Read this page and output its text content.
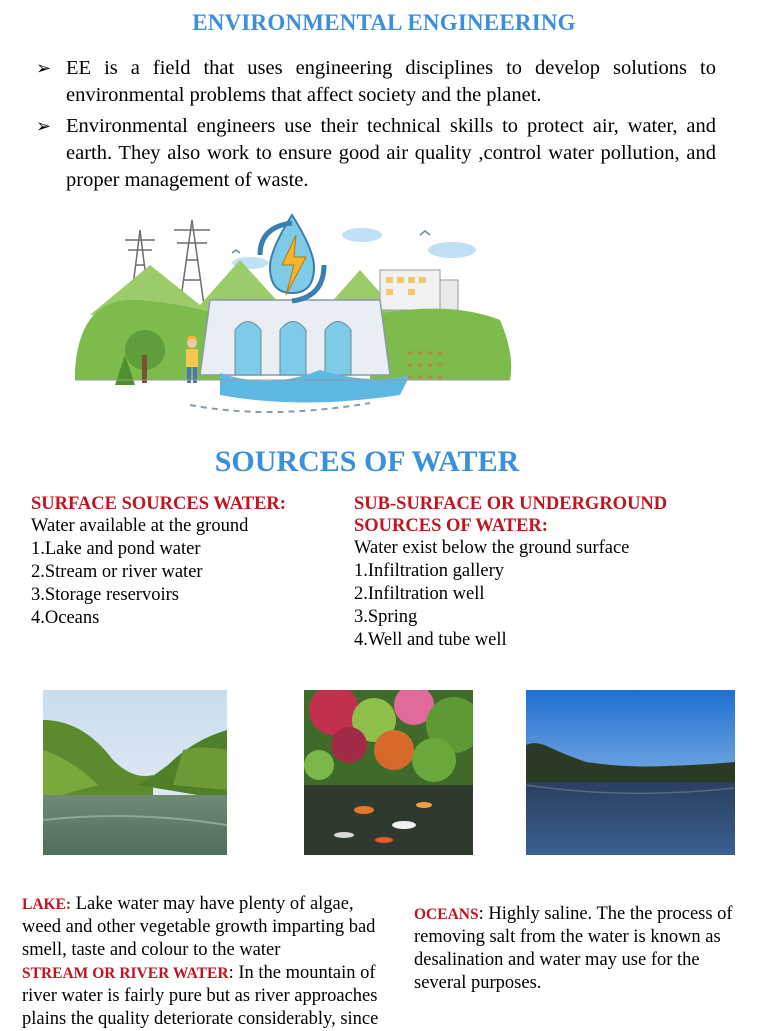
ENVIRONMENTAL ENGINEERING
➢ EE is a field that uses engineering disciplines to develop solutions to environmental problems that affect society and the planet.
➢ Environmental engineers use their technical skills to protect air, water, and earth. They also work to ensure good air quality ,control water pollution, and proper management of waste.
SOURCES OF WATER
SURFACE SOURCES WATER:
Water available at the ground
1.Lake and pond water
2.Stream or river water
3.Storage reservoirs
4.Oceans
SUB-SURFACE OR UNDERGROUND
SOURCES OF WATER:
Water exist below the ground surface
1.Infiltration gallery
2.Infiltration well
3.Spring
4.Well and tube well
LAKE: Lake water may have plenty of algae, weed and other vegetable growth imparting bad smell, taste and colour to the water
STREAM OR RIVER WATER: In the mountain of river water is fairly pure but as river approaches plains the quality deteriorate considerably, since
OCEANS: Highly saline. The the process of removing salt from the water is known as desalination and water may use for the several purposes.
